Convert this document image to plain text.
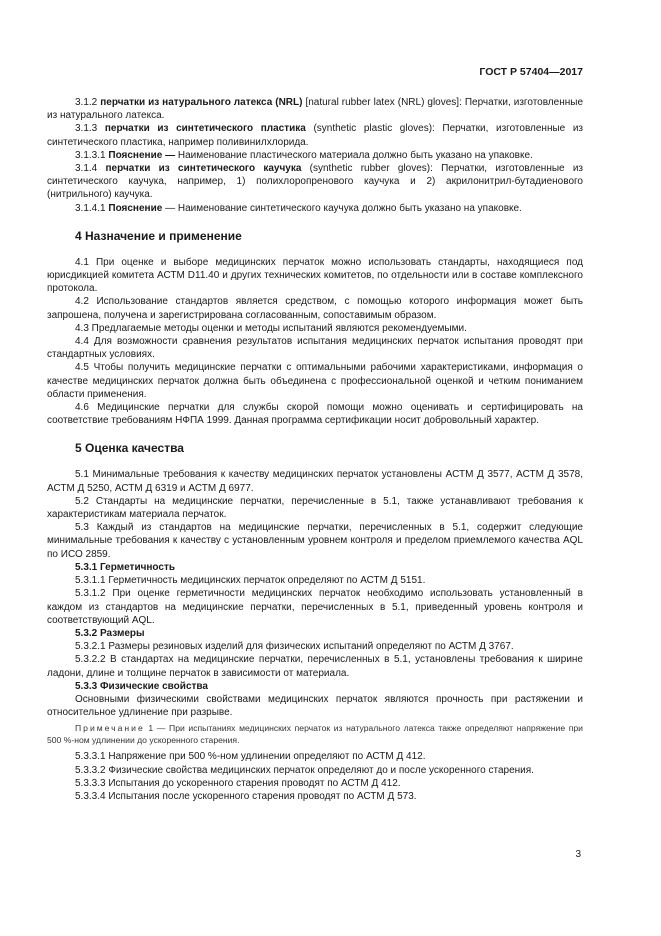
ГОСТ Р 57404—2017

3.1.2 перчатки из натурального латекса (NRL) [natural rubber latex (NRL) gloves]: Перчатки, изготовленные из натурального латекса.

3.1.3 перчатки из синтетического пластика (synthetic plastic gloves): Перчатки, изготовленные из синтетического пластика, например поливинилхлорида.

3.1.3.1 Пояснение — Наименование пластического материала должно быть указано на упаковке.

3.1.4 перчатки из синтетического каучука (synthetic rubber gloves): Перчатки, изготовленные из синтетического каучука, например, 1) полихлоропренового каучука и 2) акрилонитрил-бутадиенового (нитрильного) каучука.

3.1.4.1 Пояснение — Наименование синтетического каучука должно быть указано на упаковке.

4 Назначение и применение

4.1 При оценке и выборе медицинских перчаток можно использовать стандарты, находящиеся под юрисдикцией комитета АСТМ D11.40 и других технических комитетов, по отдельности или в составе комплексного протокола.

4.2 Использование стандартов является средством, с помощью которого информация может быть запрошена, получена и зарегистрирована согласованным, сопоставимым образом.

4.3 Предлагаемые методы оценки и методы испытаний являются рекомендуемыми.

4.4 Для возможности сравнения результатов испытания медицинских перчаток испытания проводят при стандартных условиях.

4.5 Чтобы получить медицинские перчатки с оптимальными рабочими характеристиками, информация о качестве медицинских перчаток должна быть объединена с профессиональной оценкой и четким пониманием области применения.

4.6 Медицинские перчатки для службы скорой помощи можно оценивать и сертифицировать на соответствие требованиям НФПА 1999. Данная программа сертификации носит добровольный характер.

5 Оценка качества

5.1 Минимальные требования к качеству медицинских перчаток установлены АСТМ Д 3577, АСТМ Д 3578, АСТМ Д 5250, АСТМ Д 6319 и АСТМ Д 6977.

5.2 Стандарты на медицинские перчатки, перечисленные в 5.1, также устанавливают требования к характеристикам материала перчаток.

5.3 Каждый из стандартов на медицинские перчатки, перечисленных в 5.1, содержит следующие минимальные требования к качеству с установленным уровнем контроля и пределом приемлемого качества AQL по ИСО 2859.

5.3.1 Герметичность

5.3.1.1 Герметичность медицинских перчаток определяют по АСТМ Д 5151.

5.3.1.2 При оценке герметичности медицинских перчаток необходимо использовать установленный в каждом из стандартов на медицинские перчатки, перечисленных в 5.1, приведенный уровень контроля и соответствующий AQL.

5.3.2 Размеры

5.3.2.1 Размеры резиновых изделий для физических испытаний определяют по АСТМ Д 3767.

5.3.2.2 В стандартах на медицинские перчатки, перечисленных в 5.1, установлены требования к ширине ладони, длине и толщине перчаток в зависимости от материала.

5.3.3 Физические свойства

Основными физическими свойствами медицинских перчаток являются прочность при растяжении и относительное удлинение при разрыве.

Примечание 1 — При испытаниях медицинских перчаток из натурального латекса также определяют напряжение при 500 %-ном удлинении до ускоренного старения.

5.3.3.1 Напряжение при 500 %-ном удлинении определяют по АСТМ Д 412.

5.3.3.2 Физические свойства медицинских перчаток определяют до и после ускоренного старения.

5.3.3.3 Испытания до ускоренного старения проводят по АСТМ Д 412.

5.3.3.4 Испытания после ускоренного старения проводят по АСТМ Д 573.

3
